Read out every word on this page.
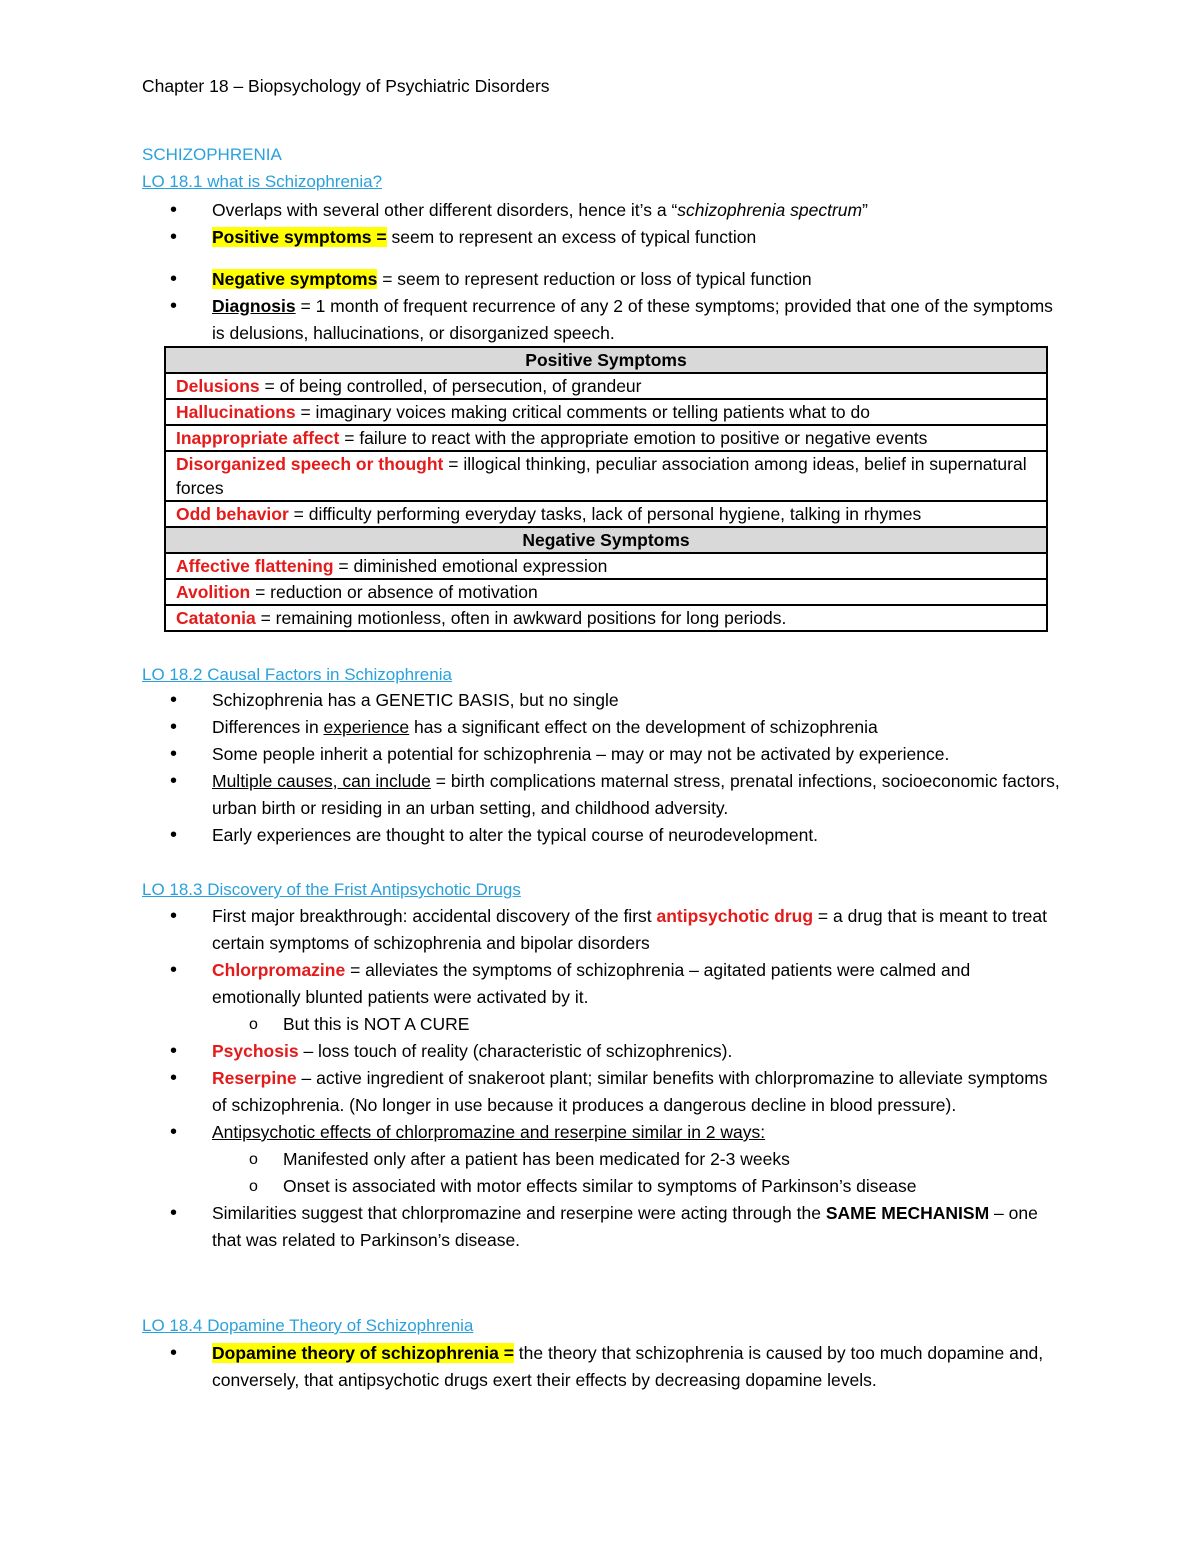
Chapter 18 – Biopsychology of Psychiatric Disorders
SCHIZOPHRENIA
LO 18.1 what is Schizophrenia?
• Overlaps with several other different disorders, hence it’s a “schizophrenia spectrum”
• Positive symptoms = seem to represent an excess of typical function
• Negative symptoms = seem to represent reduction or loss of typical function
• Diagnosis = 1 month of frequent recurrence of any 2 of these symptoms; provided that one of the symptoms is delusions, hallucinations, or disorganized speech.
Positive Symptoms
Delusions = of being controlled, of persecution, of grandeur
Hallucinations = imaginary voices making critical comments or telling patients what to do
Inappropriate affect = failure to react with the appropriate emotion to positive or negative events
Disorganized speech or thought = illogical thinking, peculiar association among ideas, belief in supernatural forces
Odd behavior = difficulty performing everyday tasks, lack of personal hygiene, talking in rhymes
Negative Symptoms
Affective flattening = diminished emotional expression
Avolition = reduction or absence of motivation
Catatonia = remaining motionless, often in awkward positions for long periods.
LO 18.2 Causal Factors in Schizophrenia
• Schizophrenia has a GENETIC BASIS, but no single
• Differences in experience has a significant effect on the development of schizophrenia
• Some people inherit a potential for schizophrenia – may or may not be activated by experience.
• Multiple causes, can include = birth complications maternal stress, prenatal infections, socioeconomic factors, urban birth or residing in an urban setting, and childhood adversity.
• Early experiences are thought to alter the typical course of neurodevelopment.
LO 18.3 Discovery of the Frist Antipsychotic Drugs
• First major breakthrough: accidental discovery of the first antipsychotic drug = a drug that is meant to treat certain symptoms of schizophrenia and bipolar disorders
• Chlorpromazine = alleviates the symptoms of schizophrenia – agitated patients were calmed and emotionally blunted patients were activated by it.
o But this is NOT A CURE
• Psychosis – loss touch of reality (characteristic of schizophrenics).
• Reserpine – active ingredient of snakeroot plant; similar benefits with chlorpromazine to alleviate symptoms of schizophrenia. (No longer in use because it produces a dangerous decline in blood pressure).
• Antipsychotic effects of chlorpromazine and reserpine similar in 2 ways:
o Manifested only after a patient has been medicated for 2-3 weeks
o Onset is associated with motor effects similar to symptoms of Parkinson’s disease
• Similarities suggest that chlorpromazine and reserpine were acting through the SAME MECHANISM – one that was related to Parkinson’s disease.
LO 18.4 Dopamine Theory of Schizophrenia
• Dopamine theory of schizophrenia = the theory that schizophrenia is caused by too much dopamine and, conversely, that antipsychotic drugs exert their effects by decreasing dopamine levels.
